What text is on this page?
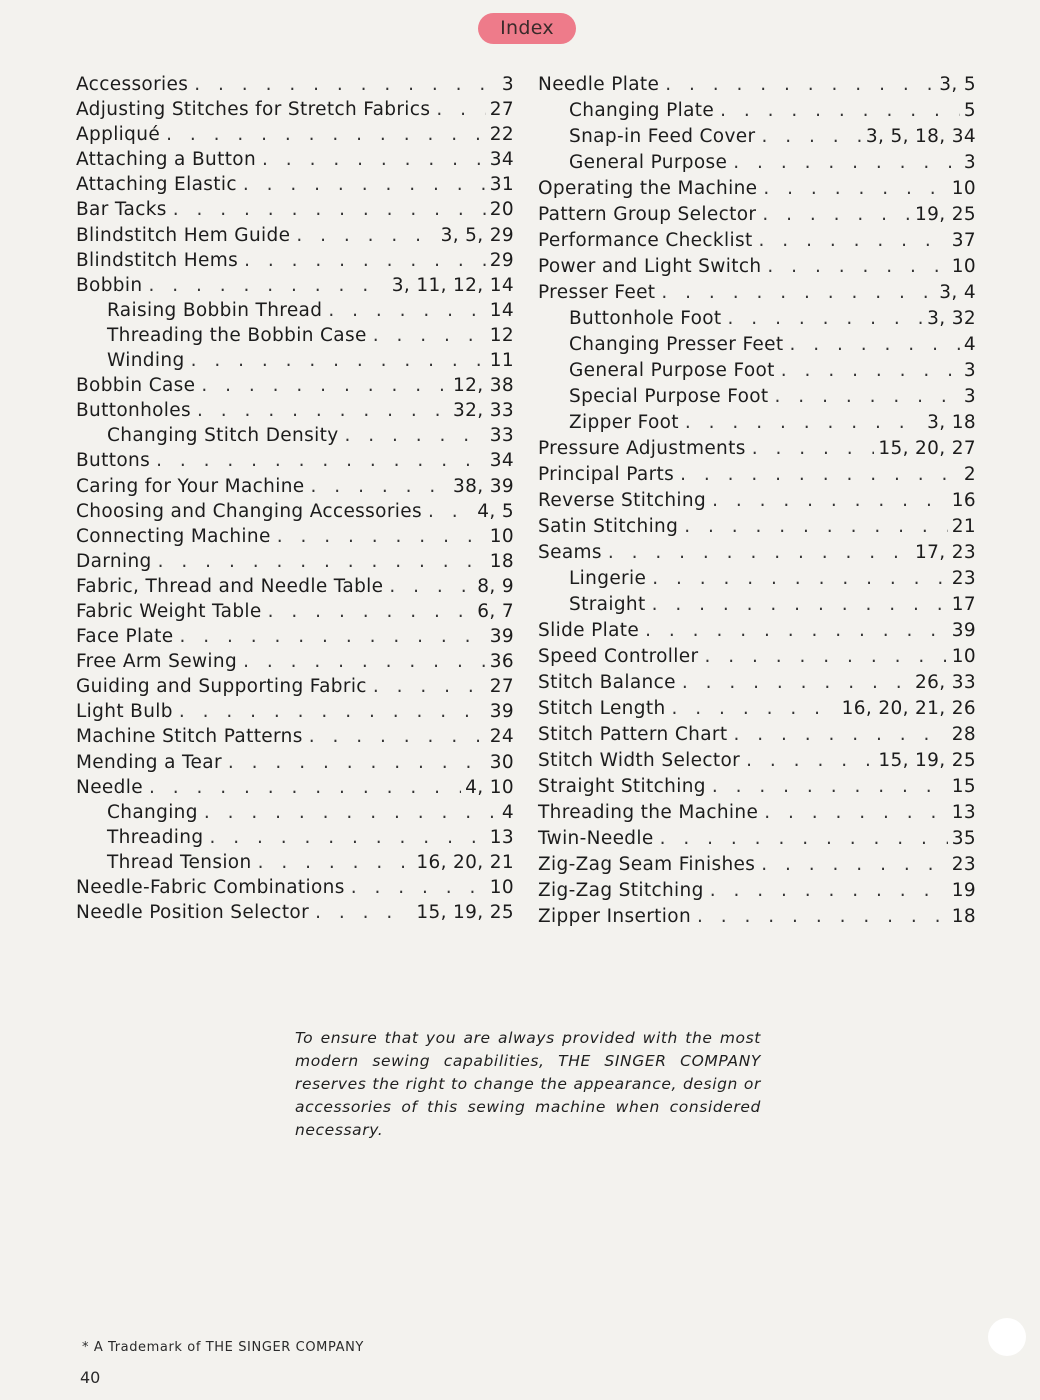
Index
Accessories . . .	3
Adjusting Stitches for Stretch Fabrics . . .	27
Appliqué . . .	22
Attaching a Button . . .	34
Attaching Elastic . . .	31
Bar Tacks . . .	20
Blindstitch Hem Guide . . .	3, 5, 29
Blindstitch Hems . . .	29
Bobbin . . .	3, 11, 12, 14
Raising Bobbin Thread . . .	14
Threading the Bobbin Case . . .	12
Winding . . .	11
Bobbin Case . . .	12, 38
Buttonholes . . .	32, 33
Changing Stitch Density . . .	33
Buttons . . .	34
Caring for Your Machine . . .	38, 39
Choosing and Changing Accessories . . .	4, 5
Connecting Machine . . .	10
Darning . . .	18
Fabric, Thread and Needle Table . . .	8, 9
Fabric Weight Table . . .	6, 7
Face Plate . . .	39
Free Arm Sewing . . .	36
Guiding and Supporting Fabric . . .	27
Light Bulb . . .	39
Machine Stitch Patterns . . .	24
Mending a Tear . . .	30
Needle . . .	4, 10
Changing . . .	4
Threading . . .	13
Thread Tension . . .	16, 20, 21
Needle-Fabric Combinations . . .	10
Needle Position Selector . . .	15, 19, 25
Needle Plate . . .	3, 5
Changing Plate . . .	5
Snap-in Feed Cover . . .	3, 5, 18, 34
General Purpose . . .	3
Operating the Machine . . .	10
Pattern Group Selector . . .	19, 25
Performance Checklist . . .	37
Power and Light Switch . . .	10
Presser Feet . . .	3, 4
Buttonhole Foot . . .	3, 32
Changing Presser Feet . . .	4
General Purpose Foot . . .	3
Special Purpose Foot . . .	3
Zipper Foot . . .	3, 18
Pressure Adjustments . . .	15, 20, 27
Principal Parts . . .	2
Reverse Stitching . . .	16
Satin Stitching . . .	21
Seams . . .	17, 23
Lingerie . . .	23
Straight . . .	17
Slide Plate . . .	39
Speed Controller . . .	10
Stitch Balance . . .	26, 33
Stitch Length . . .	16, 20, 21, 26
Stitch Pattern Chart . . .	28
Stitch Width Selector . . .	15, 19, 25
Straight Stitching . . .	15
Threading the Machine . . .	13
Twin-Needle . . .	35
Zig-Zag Seam Finishes . . .	23
Zig-Zag Stitching . . .	19
Zipper Insertion . . .	18

To ensure that you are always provided with the most modern sewing capabilities, THE SINGER COMPANY reserves the right to change the appearance, design or accessories of this sewing machine when considered necessary.

* A Trademark of THE SINGER COMPANY

40
